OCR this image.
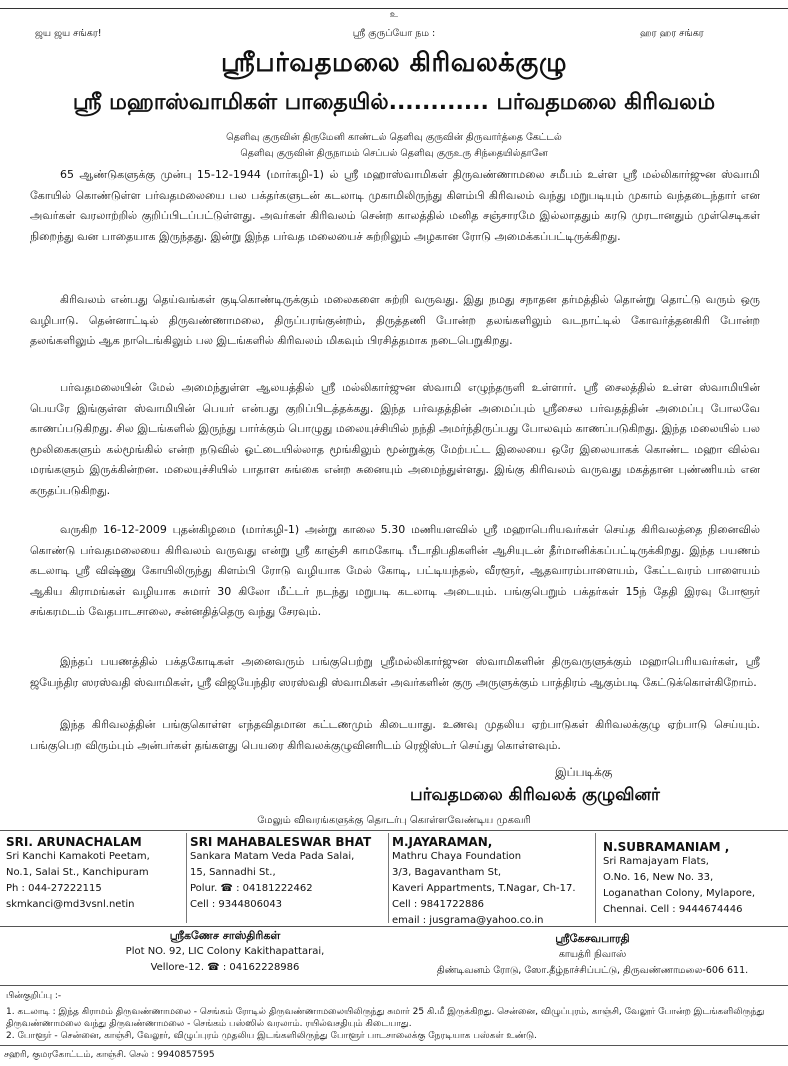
உ
ஜய ஜய சங்கர!	ஸ்ரீ குருப்யோ நம :	ஹர ஹர சங்கர
ஸ்ரீபர்வதமலை கிரிவலக்குழு
ஸ்ரீ மஹாஸ்வாமிகள் பாதையில்............ பர்வதமலை கிரிவலம்
தெளிவு குருவின் திருமேனி காண்டல் தெளிவு குருவின் திருவார்த்தை கேட்டல்
தெளிவு குருவின் திருநாமம் செப்பல் தெளிவு குருஉரு சிந்தையில்தானே
65 ஆண்டுகளுக்கு முன்பு 15-12-1944 (மார்கழி-1) ல் ஸ்ரீ மஹாஸ்வாமிகள் திருவண்ணாமலை சமீபம் உள்ள ஸ்ரீ மல்லிகார்ஜுன ஸ்வாமி கோயில் கொண்டுள்ள பர்வதமலையை பல பக்தர்களுடன் கடலாடி முகாமிலிருந்து கிளம்பி கிரிவலம் வந்து மறுபடியும் முகாம் வந்தடைந்தார் என அவர்கள் வரலாற்றில் குறிப்பிடப்பட்டுள்ளது. அவர்கள் கிரிவலம் சென்ற காலத்தில் மனித சஞ்சாரமே இல்லாததும் கரடு முரடானதும் முள்செடிகள் நிறைந்து வன பாதையாக இருந்தது. இன்று இந்த பர்வத மலையைச் சுற்றிலும் அழகான ரோடு அமைக்கப்பட்டிருக்கிறது.
கிரிவலம் என்பது தெய்வங்கள் குடிகொண்டிருக்கும் மலைகளை சுற்றி வருவது. இது நமது சநாதன தர்மத்தில் தொன்று தொட்டு வரும் ஒரு வழிபாடு. தென்னாட்டில் திருவண்ணாமலை, திருப்பரங்குன்றம், திருத்தணி போன்ற தலங்களிலும் வடநாட்டில் கோவர்த்தனகிரி போன்ற தலங்களிலும் ஆக நாடெங்கிலும் பல இடங்களில் கிரிவலம் மிகவும் பிரசித்தமாக நடைபெறுகிறது.
பர்வதமலையின் மேல் அமைந்துள்ள ஆலயத்தில் ஸ்ரீ மல்லிகார்ஜுன ஸ்வாமி எழுந்தருளி உள்ளார். ஸ்ரீ சைலத்தில் உள்ள ஸ்வாமியின் பெயரே இங்குள்ள ஸ்வாமியின் பெயர் என்பது குறிப்பிடத்தக்கது. இந்த பர்வதத்தின் அமைப்பும் ஸ்ரீசைல பர்வதத்தின் அமைப்பு போலவே காணப்படுகிறது. சில இடங்களில் இருந்து பார்க்கும் பொழுது மலையுச்சியில் நந்தி அமர்ந்திருப்பது போலவும் காணப்படுகிறது. இந்த மலையில் பல மூலிகைகளும் கல்மூங்கில் என்ற நடுவில் ஓட்டையில்லாத மூங்கிலும் மூன்றுக்கு மேற்பட்ட இலையை ஒரே இலையாகக் கொண்ட மஹா வில்வ மரங்களும் இருக்கின்றன. மலையுச்சியில் பாதாள சுங்கை என்ற சுனையும் அமைந்துள்ளது. இங்கு கிரிவலம் வருவது மகத்தான புண்ணியம் என கருதப்படுகிறது.
வருகிற 16-12-2009 புதன்கிழமை (மார்கழி-1) அன்று காலை 5.30 மணியளவில் ஸ்ரீ மஹாபெரியவர்கள் செய்த கிரிவலத்தை நினைவில் கொண்டு பர்வதமலையை கிரிவலம் வருவது என்று ஸ்ரீ காஞ்சி காமகோடி பீடாதிபதிகளின் ஆசியுடன் தீர்மானிக்கப்பட்டிருக்கிறது. இந்த பயணம் கடலாடி ஸ்ரீ விஷ்ணு கோயிலிருந்து கிளம்பி ரோடு வழியாக மேல் கோடி, பட்டியந்தல், வீரளூர், ஆதவாரம்பாளையம், கேட்டவரம் பாளையம் ஆகிய கிராமங்கள் வழியாக சுமார் 30 கிலோ மீட்டர் நடந்து மறுபடி கடலாடி அடையும். பங்குபெறும் பக்தர்கள் 15ந் தேதி இரவு போளூர் சங்கரமடம் வேதபாடசாலை, சன்னதித்தெரு வந்து சேரவும்.
இந்தப் பயணத்தில் பக்தகோடிகள் அனைவரும் பங்குபெற்று ஸ்ரீமல்லிகார்ஜுன ஸ்வாமிகளின் திருவருளுக்கும் மஹாபெரியவர்கள், ஸ்ரீ ஜயேந்திர ஸரஸ்வதி ஸ்வாமிகள், ஸ்ரீ விஜயேந்திர ஸரஸ்வதி ஸ்வாமிகள் அவர்களின் குரு அருளுக்கும் பாத்திரம் ஆகும்படி கேட்டுக்கொள்கிறோம்.
இந்த கிரிவலத்தின் பங்குகொள்ள எந்தவிதமான கட்டணமும் கிடையாது. உணவு முதலிய ஏற்பாடுகள் கிரிவலக்குழு ஏற்பாடு செய்யும். பங்குபெற விரும்பும் அன்பர்கள் தங்களது பெயரை கிரிவலக்குழுவினரிடம் ரெஜிஸ்டர் செய்து கொள்ளவும்.
இப்படிக்கு
பர்வதமலை கிரிவலக் குழுவினர்
மேலும் விவரங்களுக்கு தொடர்பு கொள்ளவேண்டிய முகவரி
SRI. ARUNACHALAM
Sri Kanchi Kamakoti Peetam,
No.1, Salai St., Kanchipuram
Ph : 044-27222115
skmkanci@md3vsnl.netin
SRI MAHABALESWAR BHAT
Sankara Matam Veda Pada Salai,
15, Sannadhi St.,
Polur. ☎ : 04181222462
Cell : 9344806043
M.JAYARAMAN,
Mathru Chaya Foundation
3/3, Bagavantham St,
Kaveri Appartments, T.Nagar, Ch-17.
Cell : 9841722886
email : jusgrama@yahoo.co.in
N.SUBRAMANIAM ,
Sri Ramajayam Flats,
O.No. 16, New No. 33,
Loganathan Colony, Mylapore,
Chennai. Cell : 9444674446
ஸ்ரீகணேச சாஸ்திரிகள்
Plot NO. 92, LIC Colony Kakithapattarai,
Vellore-12. ☎ : 04162228986
ஸ்ரீகேசவபாரதி
காயத்ரி நிவாஸ்
திண்டிவனம் ரோடு, ஸோ.தீழ்நாச்சிப்பட்டு, திருவண்ணாமலை-606 611.
பின்குறிப்பு :-
1. கடலாடி : இந்த கிராமம் திருவண்ணாமலை - செங்கம் ரோடில் திருவண்ணாமலையிலிருந்து சுமார் 25 கி.மீ இருக்கிறது. சென்னை, விழுப்புரம், காஞ்சி, வேலூர் போன்ற இடங்களிலிருந்து திருவண்ணாமலை வந்து திருவண்ணாமலை - செங்கம் பஸ்ஸில் வரலாம். ரயில்வசதியும் கிடையாது.
2. போளூர் - சென்னை, காஞ்சி, வேலூர், விழுப்புரம் முதலிய இடங்களிலிருந்து போளூர் பாடசாலைக்கு நேரடியாக பஸ்கள் உண்டு.
சஹரி, குமரகோட்டம், காஞ்சி. செல் : 9940857595
